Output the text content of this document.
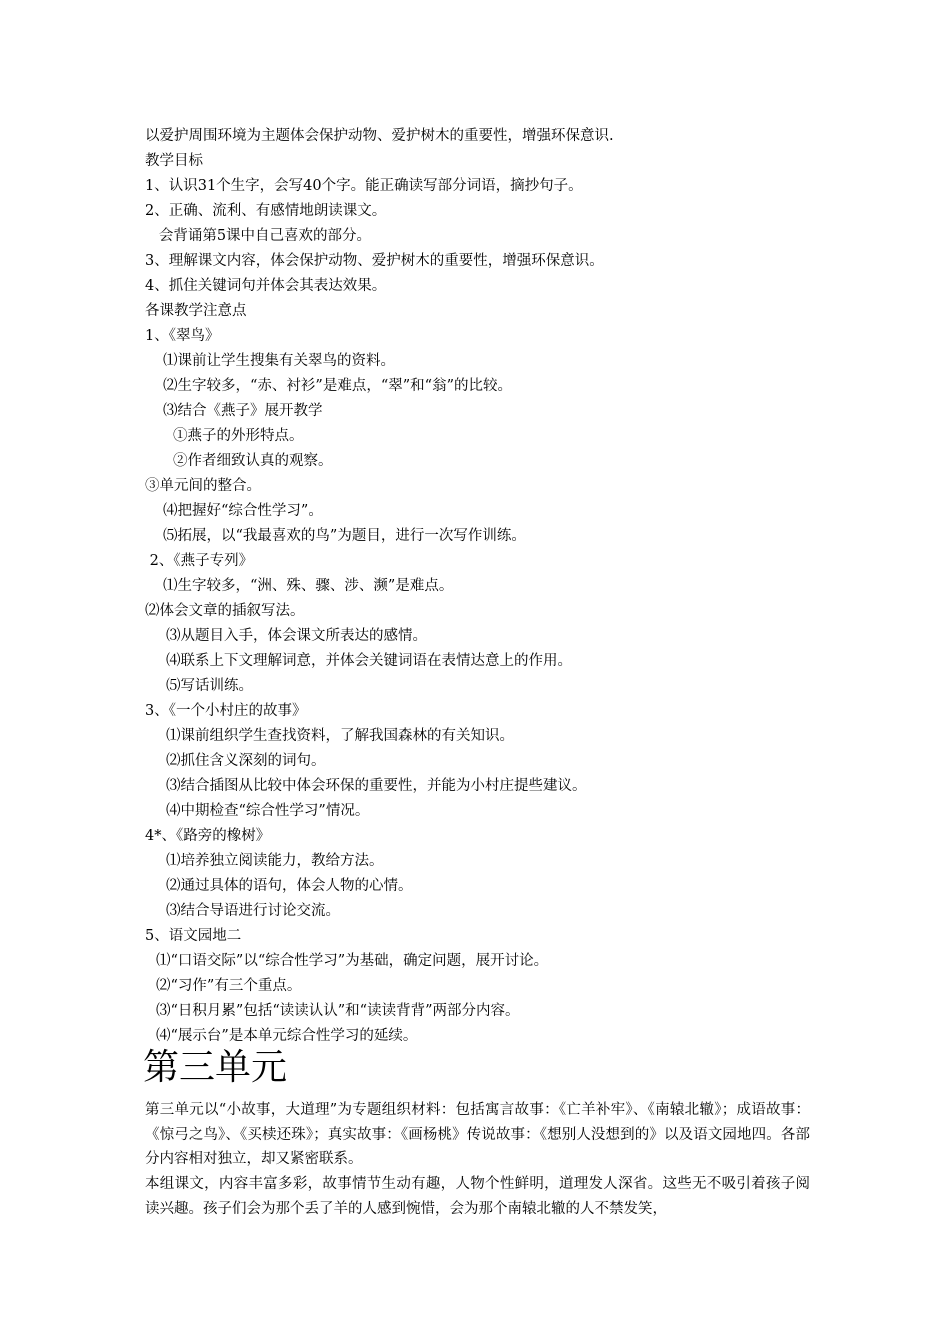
以爱护周围环境为主题体会保护动物、爱护树木的重要性，增强环保意识.
教学目标
1、认识31个生字，会写40个字。能正确读写部分词语，摘抄句子。
2、正确、流利、有感情地朗读课文。
会背诵第5课中自己喜欢的部分。
3、理解课文内容，体会保护动物、爱护树木的重要性，增强环保意识。
4、抓住关键词句并体会其表达效果。
各课教学注意点
1、《翠鸟》
⑴课前让学生搜集有关翠鸟的资料。
⑵生字较多，“赤、衬衫”是难点，“翠”和“翁”的比较。
⑶结合《燕子》展开教学
①燕子的外形特点。
②作者细致认真的观察。
③单元间的整合。
⑷把握好“综合性学习”。
⑸拓展，以“我最喜欢的鸟”为题目，进行一次写作训练。
2、《燕子专列》
⑴生字较多，“洲、殊、骤、涉、濒”是难点。
⑵体会文章的插叙写法。
⑶从题目入手，体会课文所表达的感情。
⑷联系上下文理解词意，并体会关键词语在表情达意上的作用。
⑸写话训练。
3、《一个小村庄的故事》
⑴课前组织学生查找资料，了解我国森林的有关知识。
⑵抓住含义深刻的词句。
⑶结合插图从比较中体会环保的重要性，并能为小村庄提些建议。
⑷中期检查“综合性学习”情况。
4*、《路旁的橡树》
⑴培养独立阅读能力，教给方法。
⑵通过具体的语句，体会人物的心情。
⑶结合导语进行讨论交流。
5、语文园地二
⑴“口语交际”以“综合性学习”为基础，确定问题，展开讨论。
⑵“习作”有三个重点。
⑶“日积月累”包括“读读认认”和“读读背背”两部分内容。
⑷“展示台”是本单元综合性学习的延续。
第三单元
第三单元以“小故事，大道理”为专题组织材料：包括寓言故事：《亡羊补牢》、《南辕北辙》；成语故事：《惊弓之鸟》、《买椟还珠》；真实故事：《画杨桃》传说故事：《想别人没想到的》以及语文园地四。各部分内容相对独立，却又紧密联系。
本组课文，内容丰富多彩，故事情节生动有趣，人物个性鲜明，道理发人深省。这些无不吸引着孩子阅读兴趣。孩子们会为那个丢了羊的人感到惋惜，会为那个南辕北辙的人不禁发笑，
